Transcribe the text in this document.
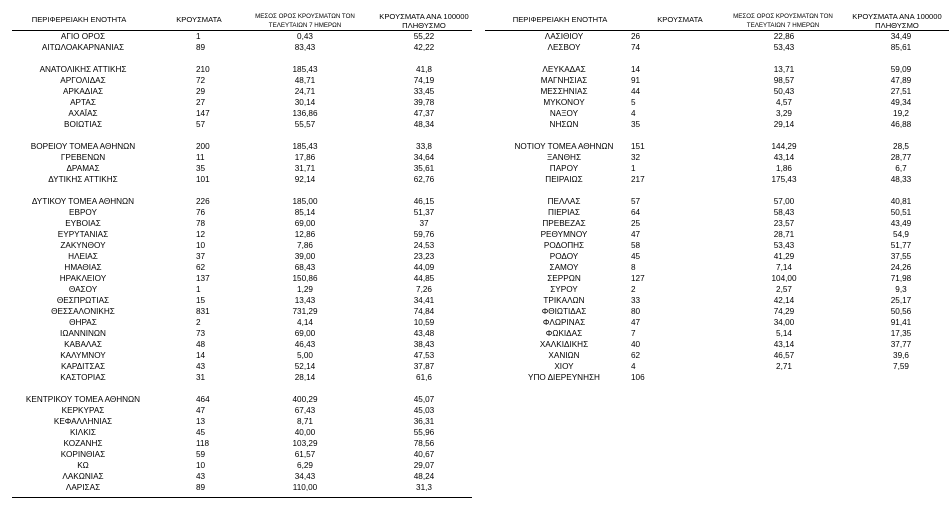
ΠΕΡΙΦΕΡΕΙΑΚΗ ΕΝΟΤΗΤΑ	ΚΡΟΥΣΜΑΤΑ	ΜΕΣΟΣ ΟΡΟΣ ΚΡΟΥΣΜΑΤΩΝ ΤΟΝ
ΤΕΛΕΥΤΑΙΩΝ 7 ΗΜΕΡΩΝ
ΚΡΟΥΣΜΑΤΑ ΑΝΑ 100000
ΠΛΗΘΥΣΜΟ
ΑΓΙΟ ΟΡΟΣ	1	0,43	55,22
ΑΙΤΩΛΟΑΚΑΡΝΑΝΙΑΣ	89	83,43	42,22
ΑΝΑΤΟΛΙΚΗΣ ΑΤΤΙΚΗΣ	210	185,43	41,8
ΑΡΓΟΛΙΔΑΣ	72	48,71	74,19
ΑΡΚΑΔΙΑΣ	29	24,71	33,45
ΑΡΤΑΣ	27	30,14	39,78
ΑΧΑΪΑΣ	147	136,86	47,37
ΒΟΙΩΤΙΑΣ	57	55,57	48,34
ΒΟΡΕΙΟΥ ΤΟΜΕΑ ΑΘΗΝΩΝ	200	185,43	33,8
ΓΡΕΒΕΝΩΝ	11	17,86	34,64
ΔΡΑΜΑΣ	35	31,71	35,61
ΔΥΤΙΚΗΣ ΑΤΤΙΚΗΣ	101	92,14	62,76
ΔΥΤΙΚΟΥ ΤΟΜΕΑ ΑΘΗΝΩΝ	226	185,00	46,15
ΕΒΡΟΥ	76	85,14	51,37
ΕΥΒΟΙΑΣ	78	69,00	37
ΕΥΡΥΤΑΝΙΑΣ	12	12,86	59,76
ΖΑΚΥΝΘΟΥ	10	7,86	24,53
ΗΛΕΙΑΣ	37	39,00	23,23
ΗΜΑΘΙΑΣ	62	68,43	44,09
ΗΡΑΚΛΕΙΟΥ	137	150,86	44,85
ΘΑΣΟΥ	1	1,29	7,26
ΘΕΣΠΡΩΤΙΑΣ	15	13,43	34,41
ΘΕΣΣΑΛΟΝΙΚΗΣ	831	731,29	74,84
ΘΗΡΑΣ	2	4,14	10,59
ΙΩΑΝΝΙΝΩΝ	73	69,00	43,48
ΚΑΒΑΛΑΣ	48	46,43	38,43
ΚΑΛΥΜΝΟΥ	14	5,00	47,53
ΚΑΡΔΙΤΣΑΣ	43	52,14	37,87
ΚΑΣΤΟΡΙΑΣ	31	28,14	61,6
ΚΕΝΤΡΙΚΟΥ ΤΟΜΕΑ ΑΘΗΝΩΝ	464	400,29	45,07
ΚΕΡΚΥΡΑΣ	47	67,43	45,03
ΚΕΦΑΛΛΗΝΙΑΣ	13	8,71	36,31
ΚΙΛΚΙΣ	45	40,00	55,96
ΚΟΖΑΝΗΣ	118	103,29	78,56
ΚΟΡΙΝΘΙΑΣ	59	61,57	40,67
ΚΩ	10	6,29	29,07
ΛΑΚΩΝΙΑΣ	43	34,43	48,24
ΛΑΡΙΣΑΣ	89	110,00	31,3
ΠΕΡΙΦΕΡΕΙΑΚΗ ΕΝΟΤΗΤΑ	ΚΡΟΥΣΜΑΤΑ	ΜΕΣΟΣ ΟΡΟΣ ΚΡΟΥΣΜΑΤΩΝ ΤΟΝ
ΤΕΛΕΥΤΑΙΩΝ 7 ΗΜΕΡΩΝ
ΚΡΟΥΣΜΑΤΑ ΑΝΑ 100000
ΠΛΗΘΥΣΜΟ
ΛΑΣΙΘΙΟΥ	26	22,86	34,49
ΛΕΣΒΟΥ	74	53,43	85,61
ΛΕΥΚΑΔΑΣ	14	13,71	59,09
ΜΑΓΝΗΣΙΑΣ	91	98,57	47,89
ΜΕΣΣΗΝΙΑΣ	44	50,43	27,51
ΜΥΚΟΝΟΥ	5	4,57	49,34
ΝΑΞΟΥ	4	3,29	19,2
ΝΗΣΩΝ	35	29,14	46,88
ΝΟΤΙΟΥ ΤΟΜΕΑ ΑΘΗΝΩΝ	151	144,29	28,5
ΞΑΝΘΗΣ	32	43,14	28,77
ΠΑΡΟΥ	1	1,86	6,7
ΠΕΙΡΑΙΩΣ	217	175,43	48,33
ΠΕΛΛΑΣ	57	57,00	40,81
ΠΙΕΡΙΑΣ	64	58,43	50,51
ΠΡΕΒΕΖΑΣ	25	23,57	43,49
ΡΕΘΥΜΝΟΥ	47	28,71	54,9
ΡΟΔΟΠΗΣ	58	53,43	51,77
ΡΟΔΟΥ	45	41,29	37,55
ΣΑΜΟΥ	8	7,14	24,26
ΣΕΡΡΩΝ	127	104,00	71,98
ΣΥΡΟΥ	2	2,57	9,3
ΤΡΙΚΑΛΩΝ	33	42,14	25,17
ΦΘΙΩΤΙΔΑΣ	80	74,29	50,56
ΦΛΩΡΙΝΑΣ	47	34,00	91,41
ΦΩΚΙΔΑΣ	7	5,14	17,35
ΧΑΛΚΙΔΙΚΗΣ	40	43,14	37,77
ΧΑΝΙΩΝ	62	46,57	39,6
ΧΙΟΥ	4	2,71	7,59
ΥΠΟ ΔΙΕΡΕΥΝΗΣΗ	106
